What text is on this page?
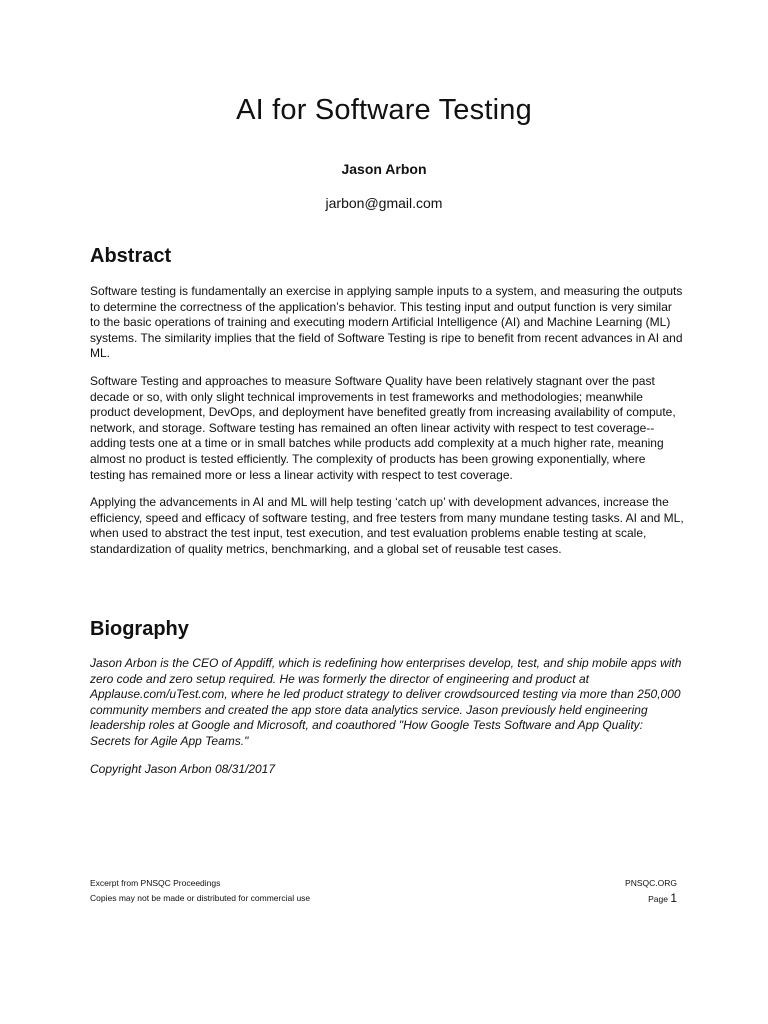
AI for Software Testing
Jason Arbon
jarbon@gmail.com
Abstract

Software testing is fundamentally an exercise in applying sample inputs to a system, and measuring the outputs to determine the correctness of the application’s behavior. This testing input and output function is very similar to the basic operations of training and executing modern Artificial Intelligence (AI) and Machine Learning (ML) systems. The similarity implies that the field of Software Testing is ripe to benefit from recent advances in AI and ML.

Software Testing and approaches to measure Software Quality have been relatively stagnant over the past decade or so, with only slight technical improvements in test frameworks and methodologies; meanwhile product development, DevOps, and deployment have benefited greatly from increasing availability of compute, network, and storage. Software testing has remained an often linear activity with respect to test coverage--adding tests one at a time or in small batches while products add complexity at a much higher rate, meaning almost no product is tested efficiently. The complexity of products has been growing exponentially, where testing has remained more or less a linear activity with respect to test coverage.

Applying the advancements in AI and ML will help testing ‘catch up’ with development advances, increase the efficiency, speed and efficacy of software testing, and free testers from many mundane testing tasks. AI and ML, when used to abstract the test input, test execution, and test evaluation problems enable testing at scale, standardization of quality metrics, benchmarking, and a global set of reusable test cases.

Biography

Jason Arbon is the CEO of Appdiff, which is redefining how enterprises develop, test, and ship mobile apps with zero code and zero setup required. He was formerly the director of engineering and product at Applause.com/uTest.com, where he led product strategy to deliver crowdsourced testing via more than 250,000 community members and created the app store data analytics service. Jason previously held engineering leadership roles at Google and Microsoft, and coauthored "How Google Tests Software and App Quality: Secrets for Agile App Teams."

Copyright Jason Arbon 08/31/2017

Excerpt from PNSQC Proceedings
Copies may not be made or distributed for commercial use
PNSQC.ORG
Page 1
